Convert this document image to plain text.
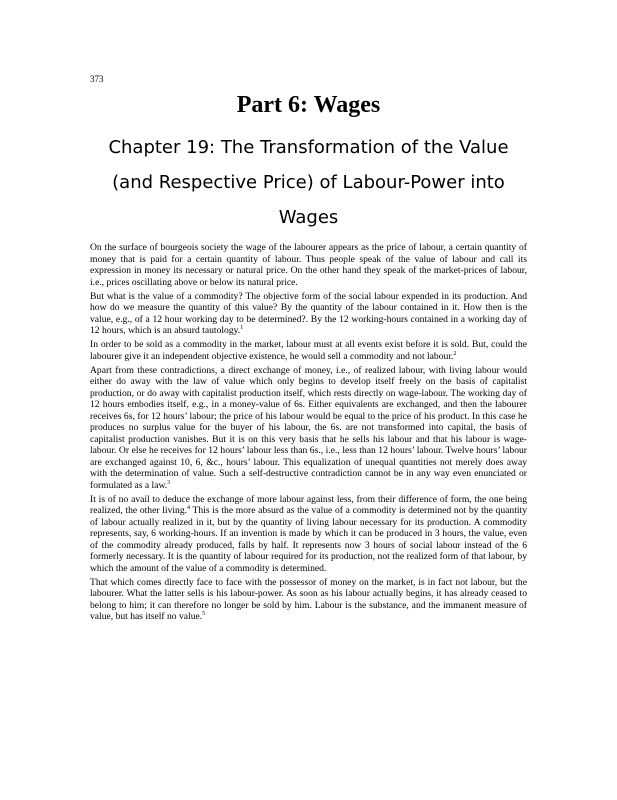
373
Part 6: Wages
Chapter 19: The Transformation of the Value (and Respective Price) of Labour-Power into Wages

On the surface of bourgeois society the wage of the labourer appears as the price of labour, a certain quantity of money that is paid for a certain quantity of labour. Thus people speak of the value of labour and call its expression in money its necessary or natural price. On the other hand they speak of the market-prices of labour, i.e., prices oscillating above or below its natural price.

But what is the value of a commodity? The objective form of the social labour expended in its production. And how do we measure the quantity of this value? By the quantity of the labour contained in it. How then is the value, e.g., of a 12 hour working day to be determined?. By the 12 working-hours contained in a working day of 12 hours, which is an absurd tautology.$^1$

In order to be sold as a commodity in the market, labour must at all events exist before it is sold. But, could the labourer give it an independent objective existence, he would sell a commodity and not labour.$^2$

Apart from these contradictions, a direct exchange of money, i.e., of realized labour, with living labour would either do away with the law of value which only begins to develop itself freely on the basis of capitalist production, or do away with capitalist production itself, which rests directly on wage-labour. The working day of 12 hours embodies itself, e.g., in a money-value of 6s. Either equivalents are exchanged, and then the labourer receives 6s, for 12 hours’ labour; the price of his labour would be equal to the price of his product. In this case he produces no surplus value for the buyer of his labour, the 6s. are not transformed into capital, the basis of capitalist production vanishes. But it is on this very basis that he sells his labour and that his labour is wage-labour. Or else he receives for 12 hours’ labour less than 6s., i.e., less than 12 hours’ labour. Twelve hours’ labour are exchanged against 10, 6, &c., hours’ labour. This equalization of unequal quantities not merely does away with the determination of value. Such a self-destructive contradiction cannot be in any way even enunciated or formulated as a law.$^3$

It is of no avail to deduce the exchange of more labour against less, from their difference of form, the one being realized, the other living.$^4$ This is the more absurd as the value of a commodity is determined not by the quantity of labour actually realized in it, but by the quantity of living labour necessary for its production. A commodity represents, say, 6 working-hours. If an invention is made by which it can be produced in 3 hours, the value, even of the commodity already produced, falls by half. It represents now 3 hours of social labour instead of the 6 formerly necessary. It is the quantity of labour required for its production, not the realized form of that labour, by which the amount of the value of a commodity is determined.

That which comes directly face to face with the possessor of money on the market, is in fact not labour, but the labourer. What the latter sells is his labour-power. As soon as his labour actually begins, it has already ceased to belong to him; it can therefore no longer be sold by him. Labour is the substance, and the immanent measure of value, but has itself no value.$^5$
